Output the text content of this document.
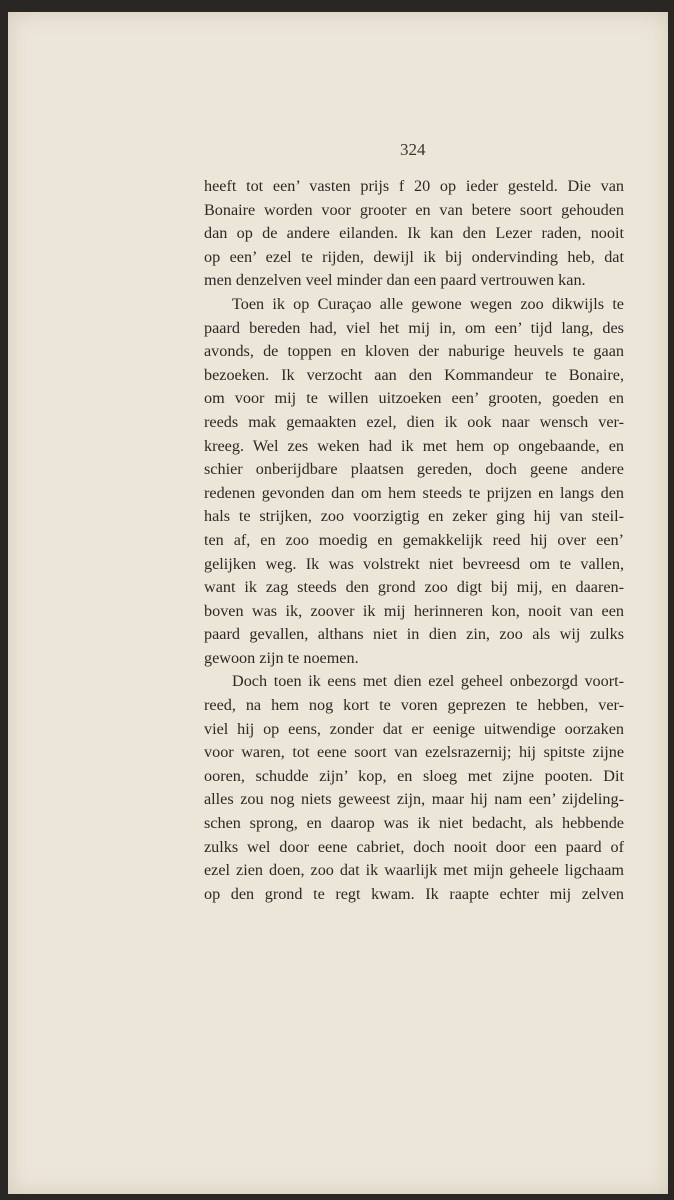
324
heeft tot een’ vasten prijs f 20 op ieder gesteld. Die van
Bonaire worden voor grooter en van betere soort gehouden
dan op de andere eilanden. Ik kan den Lezer raden, nooit
op een’ ezel te rijden, dewijl ik bij ondervinding heb, dat
men denzelven veel minder dan een paard vertrouwen kan.
Toen ik op Curaçao alle gewone wegen zoo dikwijls te
paard bereden had, viel het mij in, om een’ tijd lang, des
avonds, de toppen en kloven der naburige heuvels te gaan
bezoeken. Ik verzocht aan den Kommandeur te Bonaire,
om voor mij te willen uitzoeken een’ grooten, goeden en
reeds mak gemaakten ezel, dien ik ook naar wensch ver-
kreeg. Wel zes weken had ik met hem op ongebaande, en
schier onberijdbare plaatsen gereden, doch geene andere
redenen gevonden dan om hem steeds te prijzen en langs den
hals te strijken, zoo voorzigtig en zeker ging hij van steil-
ten af, en zoo moedig en gemakkelijk reed hij over een’
gelijken weg. Ik was volstrekt niet bevreesd om te vallen,
want ik zag steeds den grond zoo digt bij mij, en daaren-
boven was ik, zoover ik mij herinneren kon, nooit van een
paard gevallen, althans niet in dien zin, zoo als wij zulks
gewoon zijn te noemen.
Doch toen ik eens met dien ezel geheel onbezorgd voort-
reed, na hem nog kort te voren geprezen te hebben, ver-
viel hij op eens, zonder dat er eenige uitwendige oorzaken
voor waren, tot eene soort van ezelsrazernij; hij spitste zijne
ooren, schudde zijn’ kop, en sloeg met zijne pooten. Dit
alles zou nog niets geweest zijn, maar hij nam een’ zijdeling-
schen sprong, en daarop was ik niet bedacht, als hebbende
zulks wel door eene cabriet, doch nooit door een paard of
ezel zien doen, zoo dat ik waarlijk met mijn geheele ligchaam
op den grond te regt kwam. Ik raapte echter mij zelven
